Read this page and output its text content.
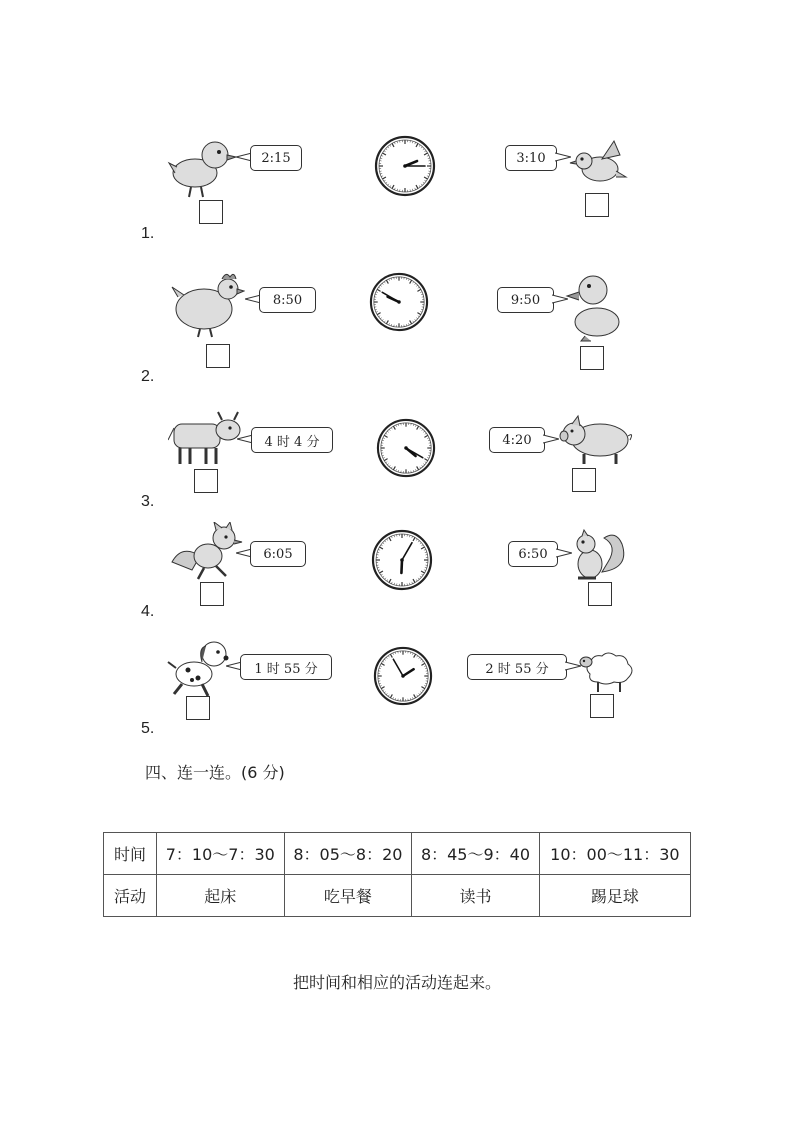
2:15	3:10
1.
8:50	9:50
2.
4 时 4 分	4:20
3.
6:05	6:50
4.
1 时 55 分	2 时 55 分
5.
四、连一连。(6 分)
时间	7：10～7：30	8：05～8：20	8：45～9：40	10：00～11：30
活动	起床	吃早餐	读书	踢足球
把时间和相应的活动连起来。
